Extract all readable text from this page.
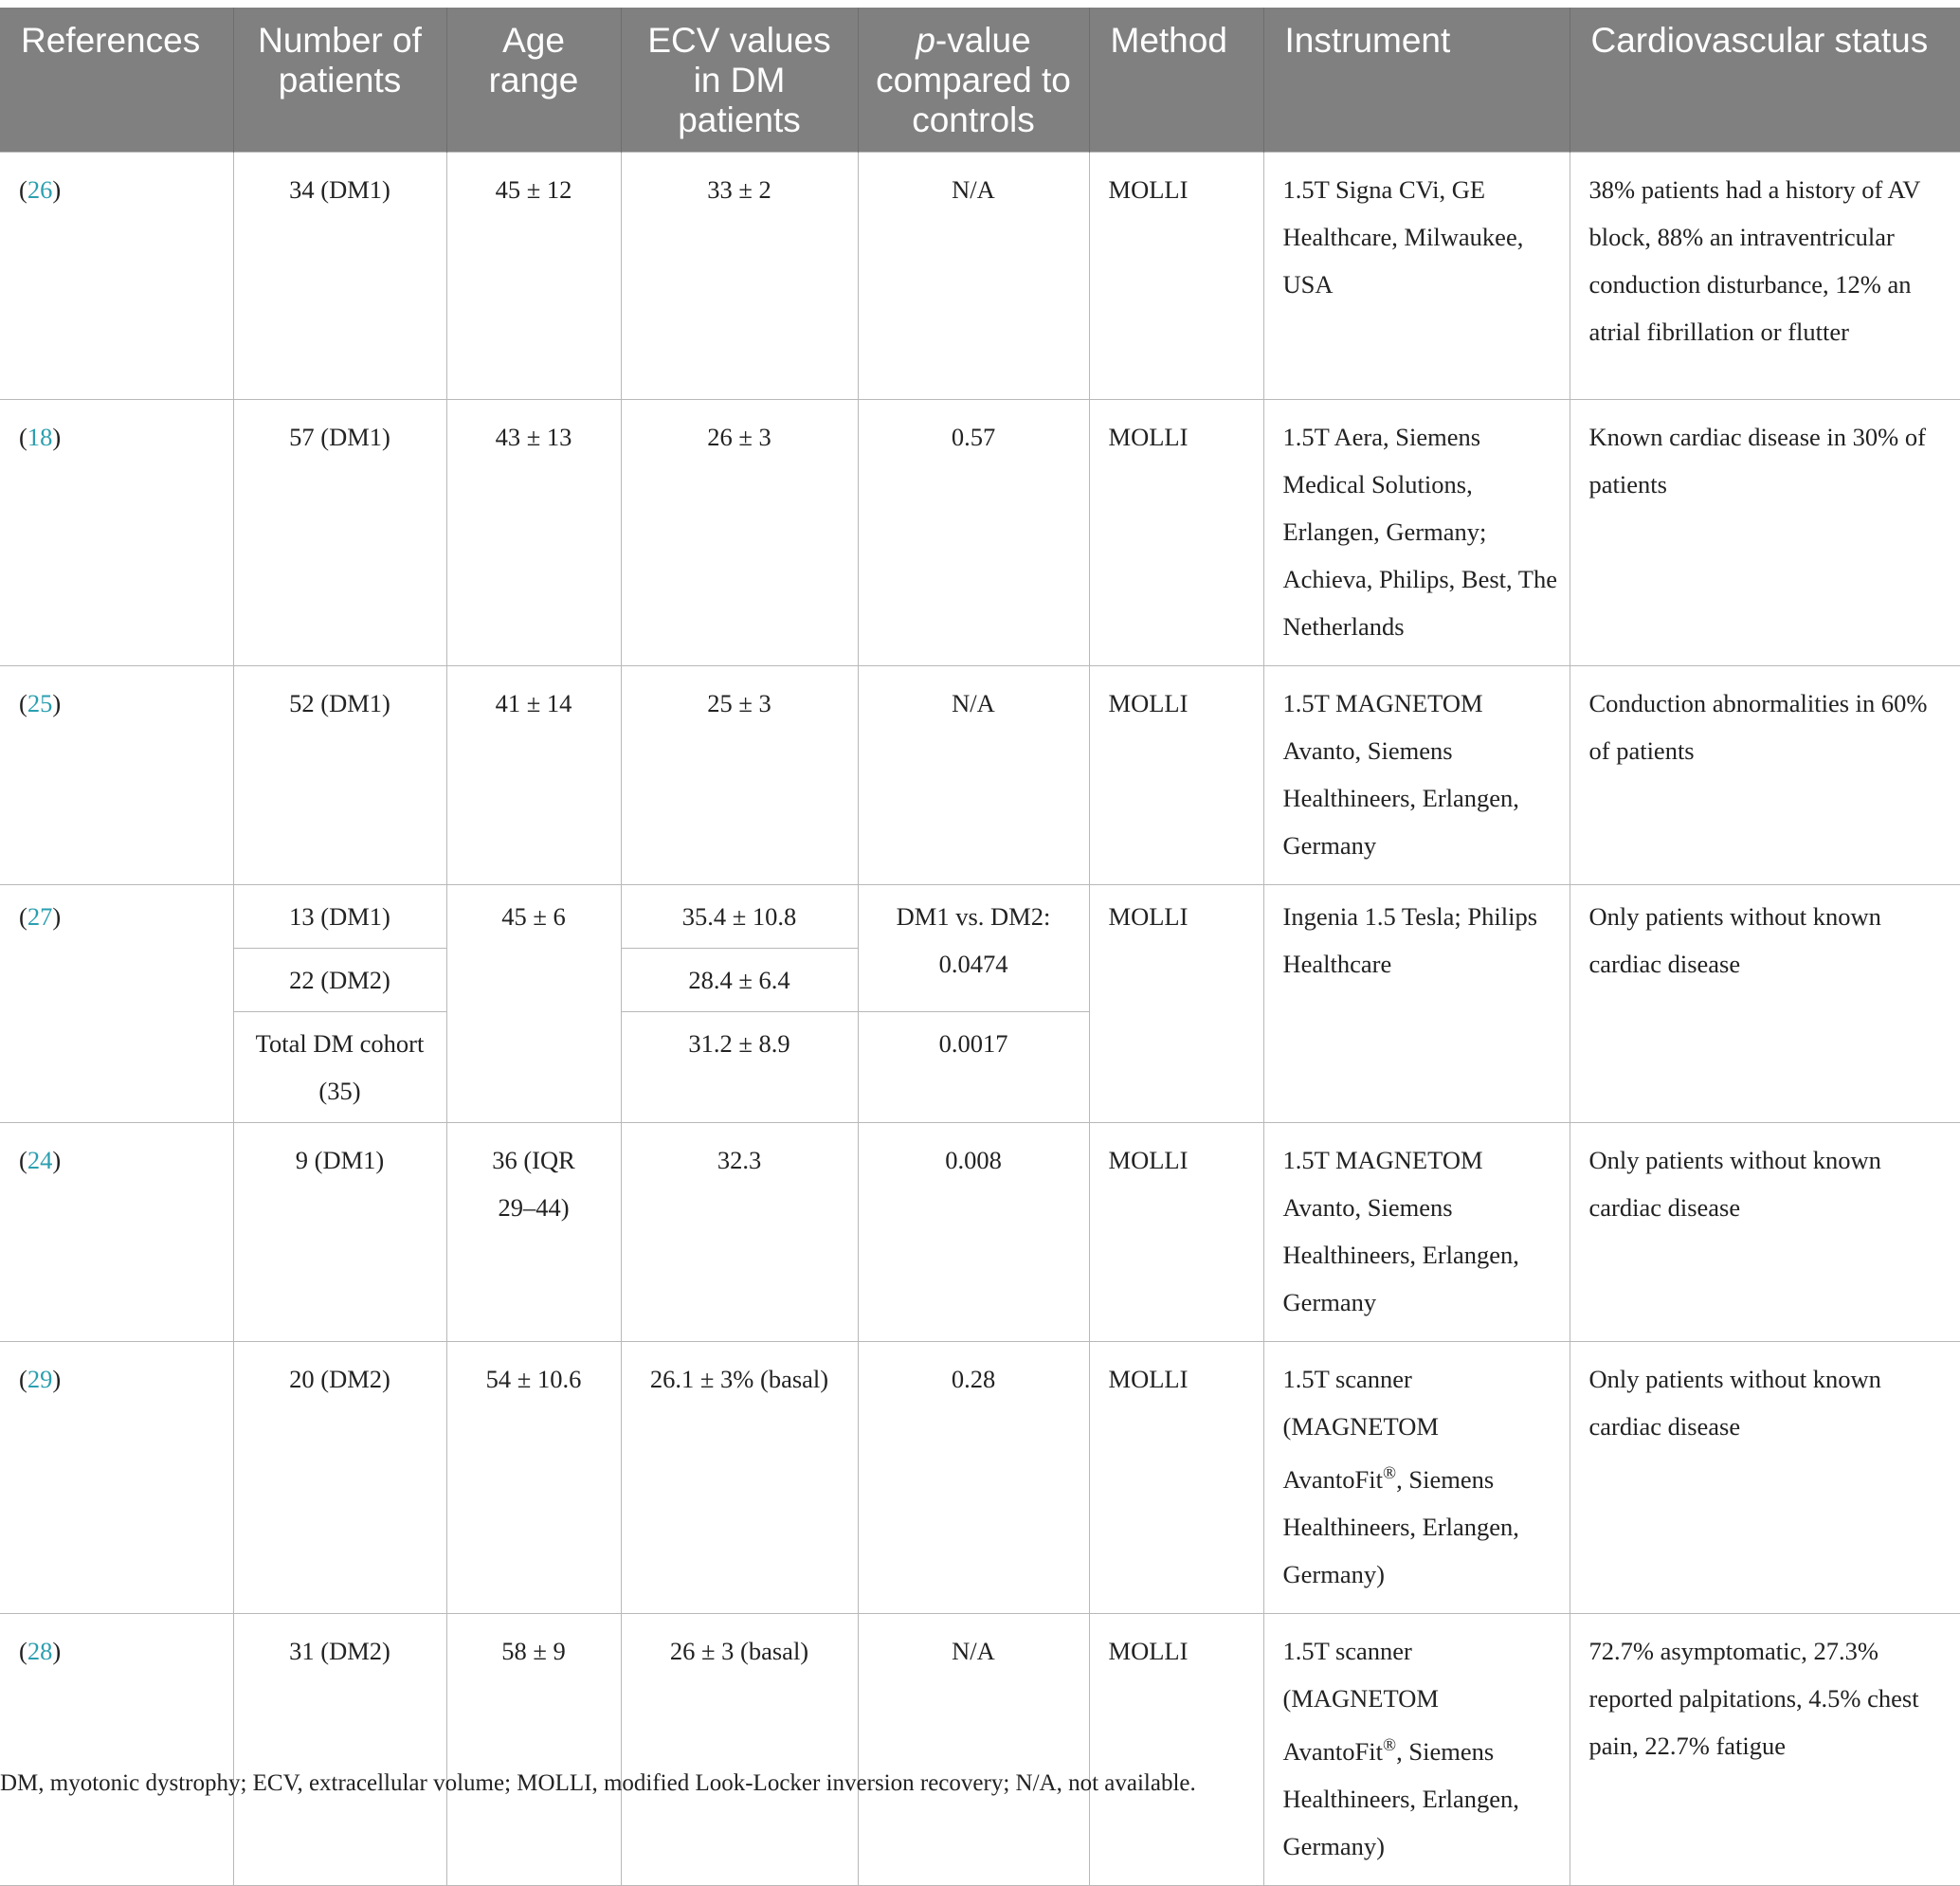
References	Number of patients	Age range	ECV values in DM patients	p-value compared to controls	Method	Instrument	Cardiovascular status
(26)	34 (DM1)	45 ± 12	33 ± 2	N/A	MOLLI	1.5T Signa CVi, GE Healthcare, Milwaukee, USA	38% patients had a history of AV block, 88% an intraventricular conduction disturbance, 12% an atrial fibrillation or flutter
(18)	57 (DM1)	43 ± 13	26 ± 3	0.57	MOLLI	1.5T Aera, Siemens Medical Solutions, Erlangen, Germany; Achieva, Philips, Best, The Netherlands	Known cardiac disease in 30% of patients
(25)	52 (DM1)	41 ± 14	25 ± 3	N/A	MOLLI	1.5T MAGNETOM Avanto, Siemens Healthineers, Erlangen, Germany	Conduction abnormalities in 60% of patients
(27)	13 (DM1)	45 ± 6	35.4 ± 10.8	DM1 vs. DM2: 0.0474	MOLLI	Ingenia 1.5 Tesla; Philips Healthcare	Only patients without known cardiac disease
	22 (DM2)		28.4 ± 6.4				
	Total DM cohort (35)		31.2 ± 8.9	0.0017			
(24)	9 (DM1)	36 (IQR 29–44)	32.3	0.008	MOLLI	1.5T MAGNETOM Avanto, Siemens Healthineers, Erlangen, Germany	Only patients without known cardiac disease
(29)	20 (DM2)	54 ± 10.6	26.1 ± 3% (basal)	0.28	MOLLI	1.5T scanner (MAGNETOM AvantoFit®, Siemens Healthineers, Erlangen, Germany)	Only patients without known cardiac disease
(28)	31 (DM2)	58 ± 9	26 ± 3 (basal)	N/A	MOLLI	1.5T scanner (MAGNETOM AvantoFit®, Siemens Healthineers, Erlangen, Germany)	72.7% asymptomatic, 27.3% reported palpitations, 4.5% chest pain, 22.7% fatigue
DM, myotonic dystrophy; ECV, extracellular volume; MOLLI, modified Look-Locker inversion recovery; N/A, not available.
